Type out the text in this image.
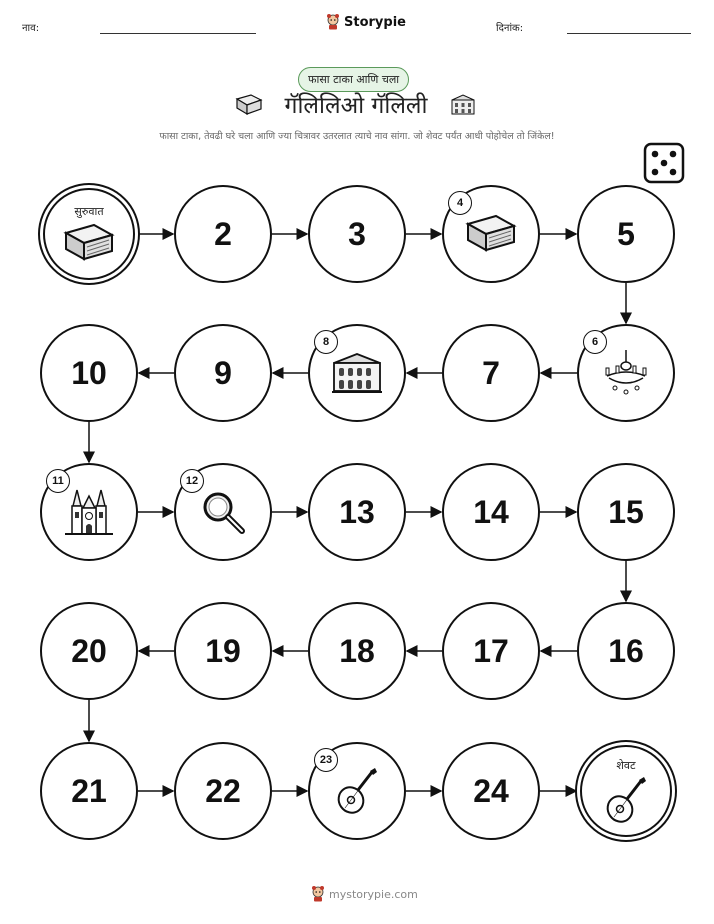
नाव:	Storypie	दिनांक:
फासा टाका आणि चला
गॅलिलिओ गॅलिली
फासा टाका, तेवढी घरे चला आणि ज्या चित्रावर उतरलात त्याचे नाव सांगा. जो शेवट पर्यंत आधी पोहोचेल तो जिंकेल!
सुरुवात
2	3
4
5
6
7
8
9
10
11	12
13	14	15
16
17
18
19
20
21	22
23
24
शेवट
mystorypie.com
